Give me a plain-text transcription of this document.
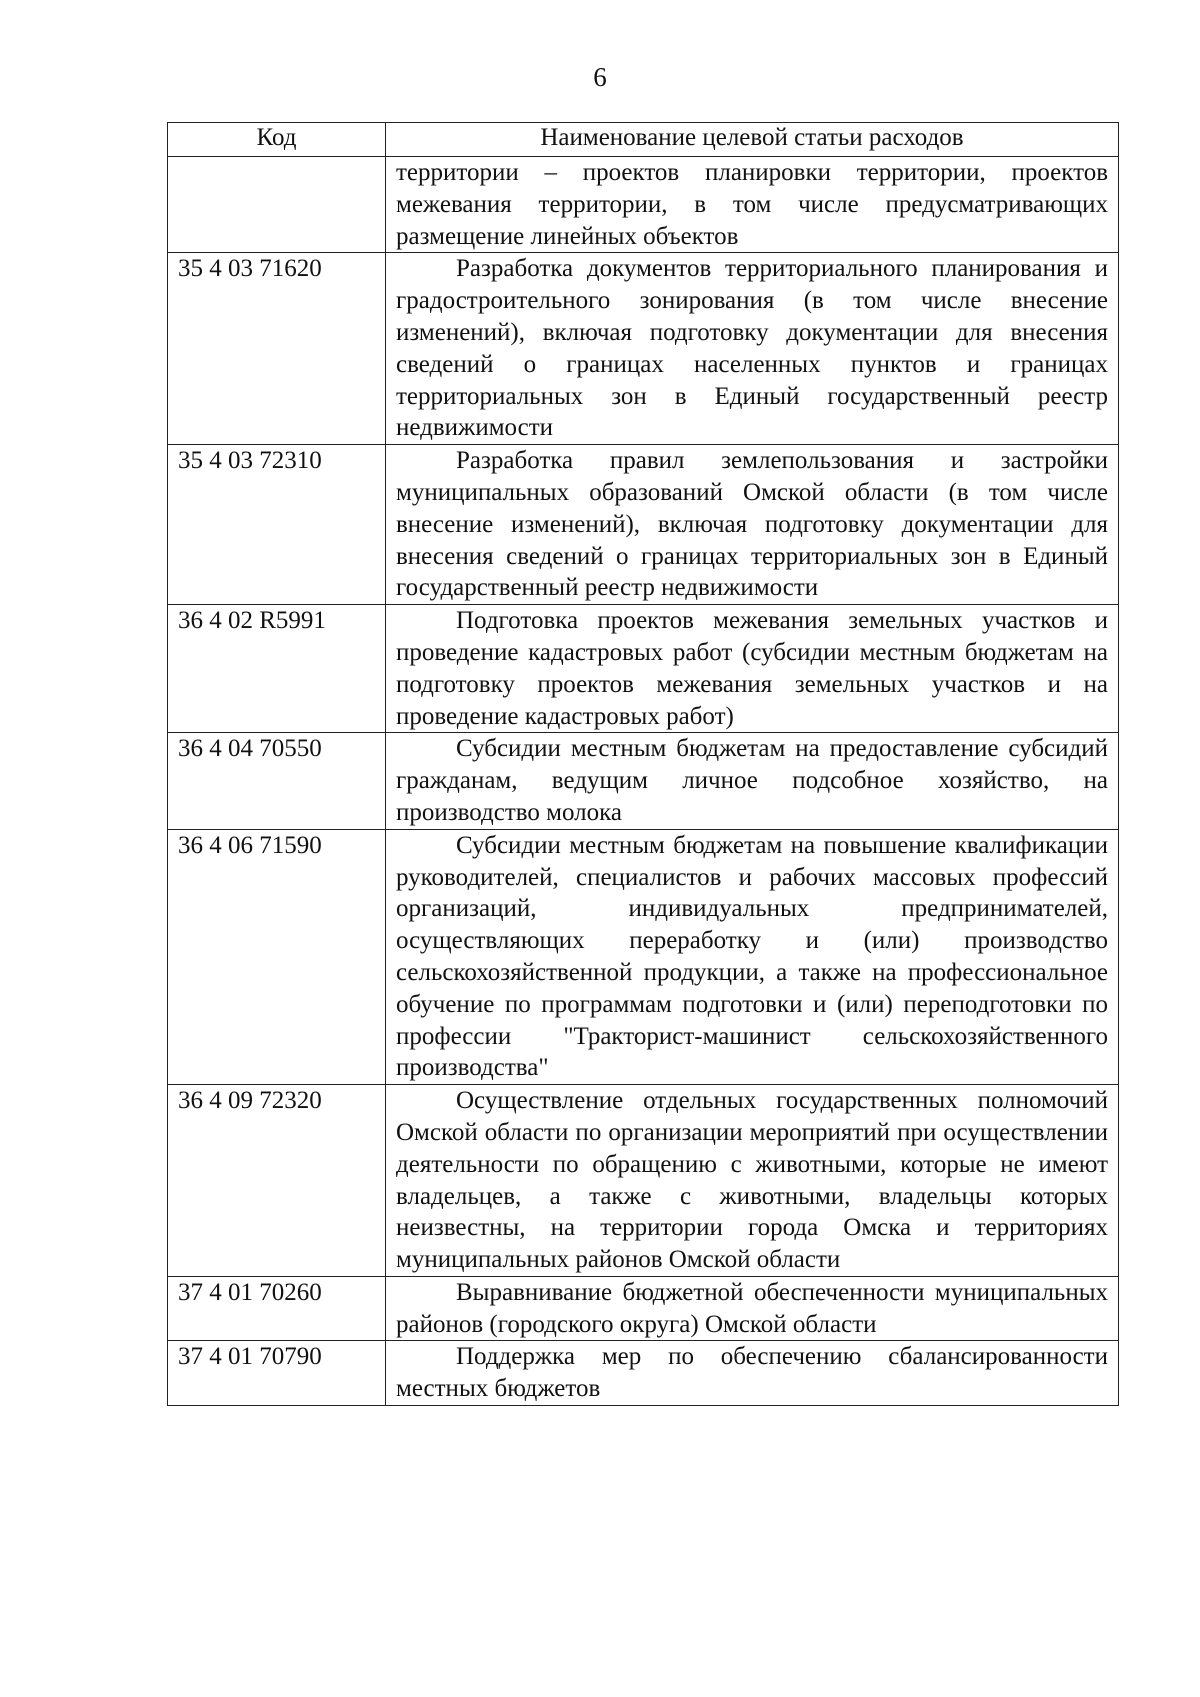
6
Код	Наименование целевой статьи расходов
	территории – проектов планировки территории, проектов межевания территории, в том числе предусматривающих размещение линейных объектов
35 4 03 71620	Разработка документов территориального планирования и градостроительного зонирования (в том числе внесение изменений), включая подготовку документации для внесения сведений о границах населенных пунктов и границах территориальных зон в Единый государственный реестр недвижимости
35 4 03 72310	Разработка правил землепользования и застройки муниципальных образований Омской области (в том числе внесение изменений), включая подготовку документации для внесения сведений о границах территориальных зон в Единый государственный реестр недвижимости
36 4 02 R5991	Подготовка проектов межевания земельных участков и проведение кадастровых работ (субсидии местным бюджетам на подготовку проектов межевания земельных участков и на проведение кадастровых работ)
36 4 04 70550	Субсидии местным бюджетам на предоставление субсидий гражданам, ведущим личное подсобное хозяйство, на производство молока
36 4 06 71590	Субсидии местным бюджетам на повышение квалификации руководителей, специалистов и рабочих массовых профессий организаций, индивидуальных предпринимателей, осуществляющих переработку и (или) производство сельскохозяйственной продукции, а также на профессиональное обучение по программам подготовки и (или) переподготовки по профессии "Тракторист-машинист сельскохозяйственного производства"
36 4 09 72320	Осуществление отдельных государственных полномочий Омской области по организации мероприятий при осуществлении деятельности по обращению с животными, которые не имеют владельцев, а также с животными, владельцы которых неизвестны, на территории города Омска и территориях муниципальных районов Омской области
37 4 01 70260	Выравнивание бюджетной обеспеченности муниципальных районов (городского округа) Омской области
37 4 01 70790	Поддержка мер по обеспечению сбалансированности местных бюджетов
